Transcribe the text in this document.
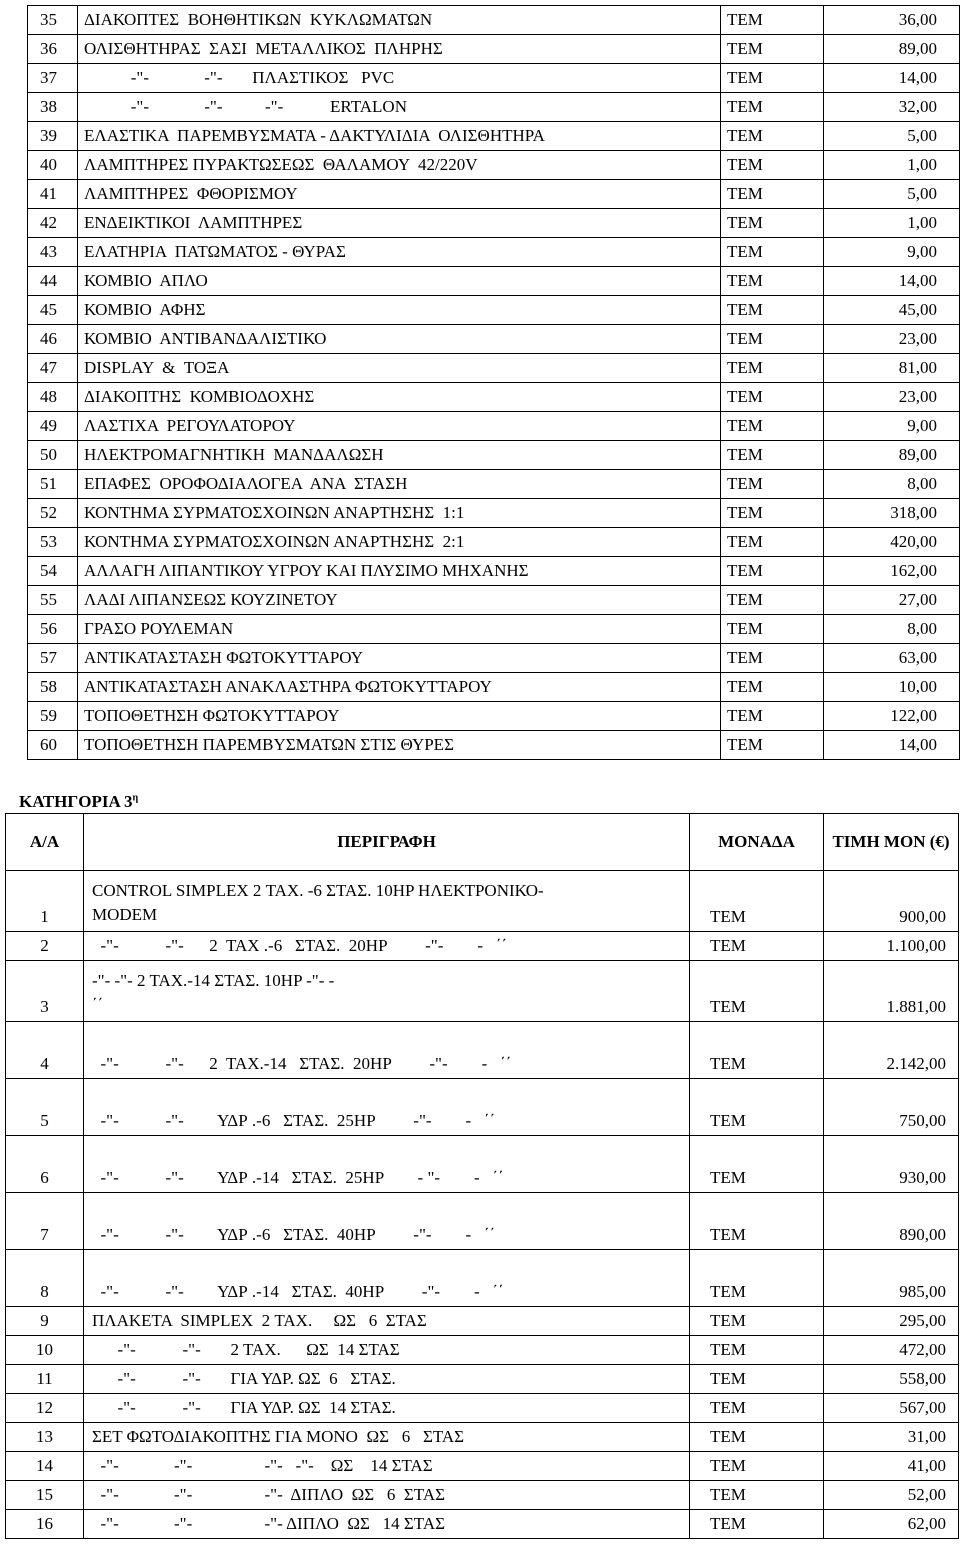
35	ΔΙΑΚΟΠΤΕΣ  ΒΟΗΘΗΤΙΚΩΝ  ΚΥΚΛΩΜΑΤΩΝ	ΤΕΜ	36,00
36	ΟΛΙΣΘΗΤΗΡΑΣ  ΣΑΣΙ  ΜΕΤΑΛΛΙΚΟΣ  ΠΛΗΡΗΣ	ΤΕΜ	89,00
37	-"-             -"-       ΠΛΑΣΤΙΚΟΣ   PVC	ΤΕΜ	14,00
38	-"-             -"-          -"-           ERTALON	ΤΕΜ	32,00
39	ΕΛΑΣΤΙΚΑ  ΠΑΡΕΜΒΥΣΜΑΤΑ - ΔΑΚΤΥΛΙΔΙΑ  ΟΛΙΣΘΗΤΗΡΑ	ΤΕΜ	5,00
40	ΛΑΜΠΤΗΡΕΣ ΠΥΡΑΚΤΩΣΕΩΣ  ΘΑΛΑΜΟΥ  42/220V	ΤΕΜ	1,00
41	ΛΑΜΠΤΗΡΕΣ  ΦΘΟΡΙΣΜΟΥ	ΤΕΜ	5,00
42	ΕΝΔΕΙΚΤΙΚΟΙ  ΛΑΜΠΤΗΡΕΣ	ΤΕΜ	1,00
43	ΕΛΑΤΗΡΙΑ  ΠΑΤΩΜΑΤΟΣ - ΘΥΡΑΣ	ΤΕΜ	9,00
44	ΚΟΜΒΙΟ  ΑΠΛΟ	ΤΕΜ	14,00
45	ΚΟΜΒΙΟ  ΑΦΗΣ	ΤΕΜ	45,00
46	ΚΟΜΒΙΟ  ΑΝΤΙΒΑΝΔΑΛΙΣΤΙΚΟ	ΤΕΜ	23,00
47	DISPLAY  &  ΤΟΞΑ	ΤΕΜ	81,00
48	ΔΙΑΚΟΠΤΗΣ  ΚΟΜΒΙΟΔΟΧΗΣ	ΤΕΜ	23,00
49	ΛΑΣΤΙΧΑ  ΡΕΓΟΥΛΑΤΟΡΟΥ	ΤΕΜ	9,00
50	ΗΛΕΚΤΡΟΜΑΓΝΗΤΙΚΗ  ΜΑΝΔΑΛΩΣΗ	ΤΕΜ	89,00
51	ΕΠΑΦΕΣ  ΟΡΟΦΟΔΙΑΛΟΓΕΑ  ΑΝΑ  ΣΤΑΣΗ	ΤΕΜ	8,00
52	ΚΟΝΤΗΜΑ ΣΥΡΜΑΤΟΣΧΟΙΝΩΝ ΑΝΑΡΤΗΣΗΣ  1:1	ΤΕΜ	318,00
53	ΚΟΝΤΗΜΑ ΣΥΡΜΑΤΟΣΧΟΙΝΩΝ ΑΝΑΡΤΗΣΗΣ  2:1	ΤΕΜ	420,00
54	ΑΛΛΑΓΗ ΛΙΠΑΝΤΙΚΟΥ ΥΓΡΟΥ ΚΑΙ ΠΛΥΣΙΜΟ ΜΗΧΑΝΗΣ	ΤΕΜ	162,00
55	ΛΑΔΙ ΛΙΠΑΝΣΕΩΣ ΚΟΥΖΙΝΕΤΟΥ	ΤΕΜ	27,00
56	ΓΡΑΣΟ ΡΟΥΛΕΜΑΝ	ΤΕΜ	8,00
57	ΑΝΤΙΚΑΤΑΣΤΑΣΗ ΦΩΤΟΚΥΤΤΑΡΟΥ	ΤΕΜ	63,00
58	ΑΝΤΙΚΑΤΑΣΤΑΣΗ ΑΝΑΚΛΑΣΤΗΡΑ ΦΩΤΟΚΥΤΤΑΡΟΥ	ΤΕΜ	10,00
59	ΤΟΠΟΘΕΤΗΣΗ ΦΩΤΟΚΥΤΤΑΡΟΥ	ΤΕΜ	122,00
60	ΤΟΠΟΘΕΤΗΣΗ ΠΑΡΕΜΒΥΣΜΑΤΩΝ ΣΤΙΣ ΘΥΡΕΣ	ΤΕΜ	14,00
ΚΑΤΗΓΟΡΙΑ $3^\eta$
Α/Α	ΠΕΡΙΓΡΑΦΗ	ΜΟΝΑΔΑ	ΤΙΜΗ ΜΟΝ (€)
1	CONTROL SIMPLEX 2 ΤΑΧ. -6 ΣΤΑΣ. 10HP ΗΛΕΚΤΡΟΝΙΚΟ-
MODEM	ΤΕΜ	900,00
2	-"-           -"-      2  ΤΑΧ .-6   ΣΤΑΣ.  20HP         -"-        -   ΄΄	ΤΕΜ	1.100,00
3	-"- -"- 2 ΤΑΧ.-14 ΣΤΑΣ. 10HP -"- -
΄΄	ΤΕΜ	1.881,00
4	-"-           -"-      2  ΤΑΧ.-14   ΣΤΑΣ.  20HP         -"-        -   ΄΄	ΤΕΜ	2.142,00
5	-"-           -"-        ΥΔΡ .-6   ΣΤΑΣ.  25HP         -"-        -   ΄΄	ΤΕΜ	750,00
6	-"-           -"-        ΥΔΡ .-14   ΣΤΑΣ.  25HP        - "-        -   ΄΄	ΤΕΜ	930,00
7	-"-           -"-        ΥΔΡ .-6   ΣΤΑΣ.  40HP         -"-        -   ΄΄	ΤΕΜ	890,00
8	-"-           -"-        ΥΔΡ .-14   ΣΤΑΣ.  40HP         -"-        -   ΄΄	ΤΕΜ	985,00
9	ΠΛΑΚΕΤΑ  SIMPLEX  2 ΤΑΧ.     ΩΣ   6  ΣΤΑΣ	ΤΕΜ	295,00
10	-"-           -"-       2 ΤΑΧ.      ΩΣ  14 ΣΤΑΣ	ΤΕΜ	472,00
11	-"-           -"-       ΓΙΑ ΥΔΡ. ΩΣ  6   ΣΤΑΣ.	ΤΕΜ	558,00
12	-"-           -"-       ΓΙΑ ΥΔΡ. ΩΣ  14 ΣΤΑΣ.	ΤΕΜ	567,00
13	ΣΕΤ ΦΩΤΟΔΙΑΚΟΠΤΗΣ ΓΙΑ ΜΟΝΟ  ΩΣ   6   ΣΤΑΣ	ΤΕΜ	31,00
14	-"-             -"-                 -"-   -"-    ΩΣ    14 ΣΤΑΣ	ΤΕΜ	41,00
15	-"-             -"-                 -"-  ΔΙΠΛΟ  ΩΣ   6  ΣΤΑΣ	ΤΕΜ	52,00
16	-"-             -"-                 -"- ΔΙΠΛΟ  ΩΣ   14 ΣΤΑΣ	ΤΕΜ	62,00
